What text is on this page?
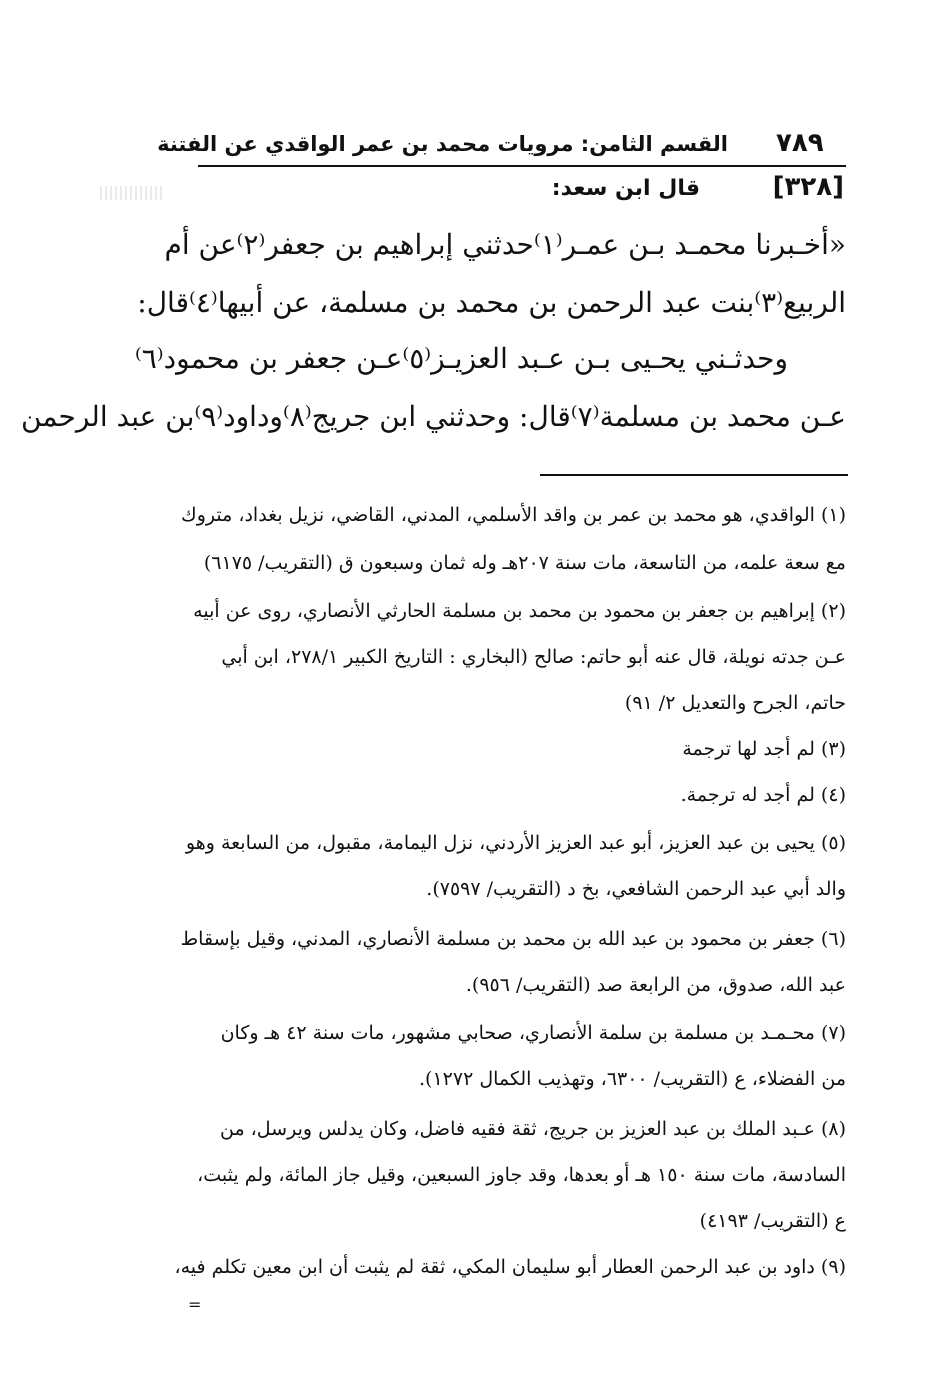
٧٨٩
القسم الثامن: مرويات محمد بن عمر الواقدي عن الفتنة
[٣٢٨]
قال ابن سعد:
«أخـبرنا محمـد بـن عمـر⁽١⁾حدثني إبراهيم بن جعفر⁽٢⁾عن أم
الربيع⁽٣⁾بنت عبد الرحمن بن محمد بن مسلمة، عن أبيها⁽٤⁾قال:
وحدثـني يحـيى بـن عـبد العزيـز⁽٥⁾عـن جعفر بن محمود⁽٦⁾
عـن محمد بن مسلمة⁽٧⁾قال: وحدثني ابن جريج⁽٨⁾وداود⁽٩⁾بن عبد الرحمن
(١) الواقدي، هو محمد بن عمر بن واقد الأسلمي، المدني، القاضي، نزيل بغداد، متروك
مع سعة علمه، من التاسعة، مات سنة ٢٠٧هـ وله ثمان وسبعون ق (التقريب/ ٦١٧٥)
(٢) إبراهيم بن جعفر بن محمود بن محمد بن مسلمة الحارثي الأنصاري، روى عن أبيه
عـن جدته نويلة، قال عنه أبو حاتم: صالح (البخاري : التاريخ الكبير ٢٧٨/١، ابن أبي
حاتم، الجرح والتعديل ٢/ ٩١)
(٣) لم أجد لها ترجمة
(٤) لم أجد له ترجمة.
(٥) يحيى بن عبد العزيز، أبو عبد العزيز الأردني، نزل اليمامة، مقبول، من السابعة وهو
والد أبي عبد الرحمن الشافعي، بخ د (التقريب/ ٧٥٩٧).
(٦) جعفر بن محمود بن عبد الله بن محمد بن مسلمة الأنصاري، المدني، وقيل بإسقاط
عبد الله، صدوق، من الرابعة صد (التقريب/ ٩٥٦).
(٧) محـمـد بن مسلمة بن سلمة الأنصاري، صحابي مشهور، مات سنة ٤٢ هـ وكان
من الفضلاء، ع (التقريب/ ٦٣٠٠، وتهذيب الكمال ١٢٧٢).
(٨) عـبد الملك بن عبد العزيز بن جريج، ثقة فقيه فاضل، وكان يدلس ويرسل، من
السادسة، مات سنة ١٥٠ هـ أو بعدها، وقد جاوز السبعين، وقيل جاز المائة، ولم يثبت،
ع (التقريب/ ٤١٩٣)
(٩) داود بن عبد الرحمن العطار أبو سليمان المكي، ثقة لم يثبت أن ابن معين تكلم فيه،
=
